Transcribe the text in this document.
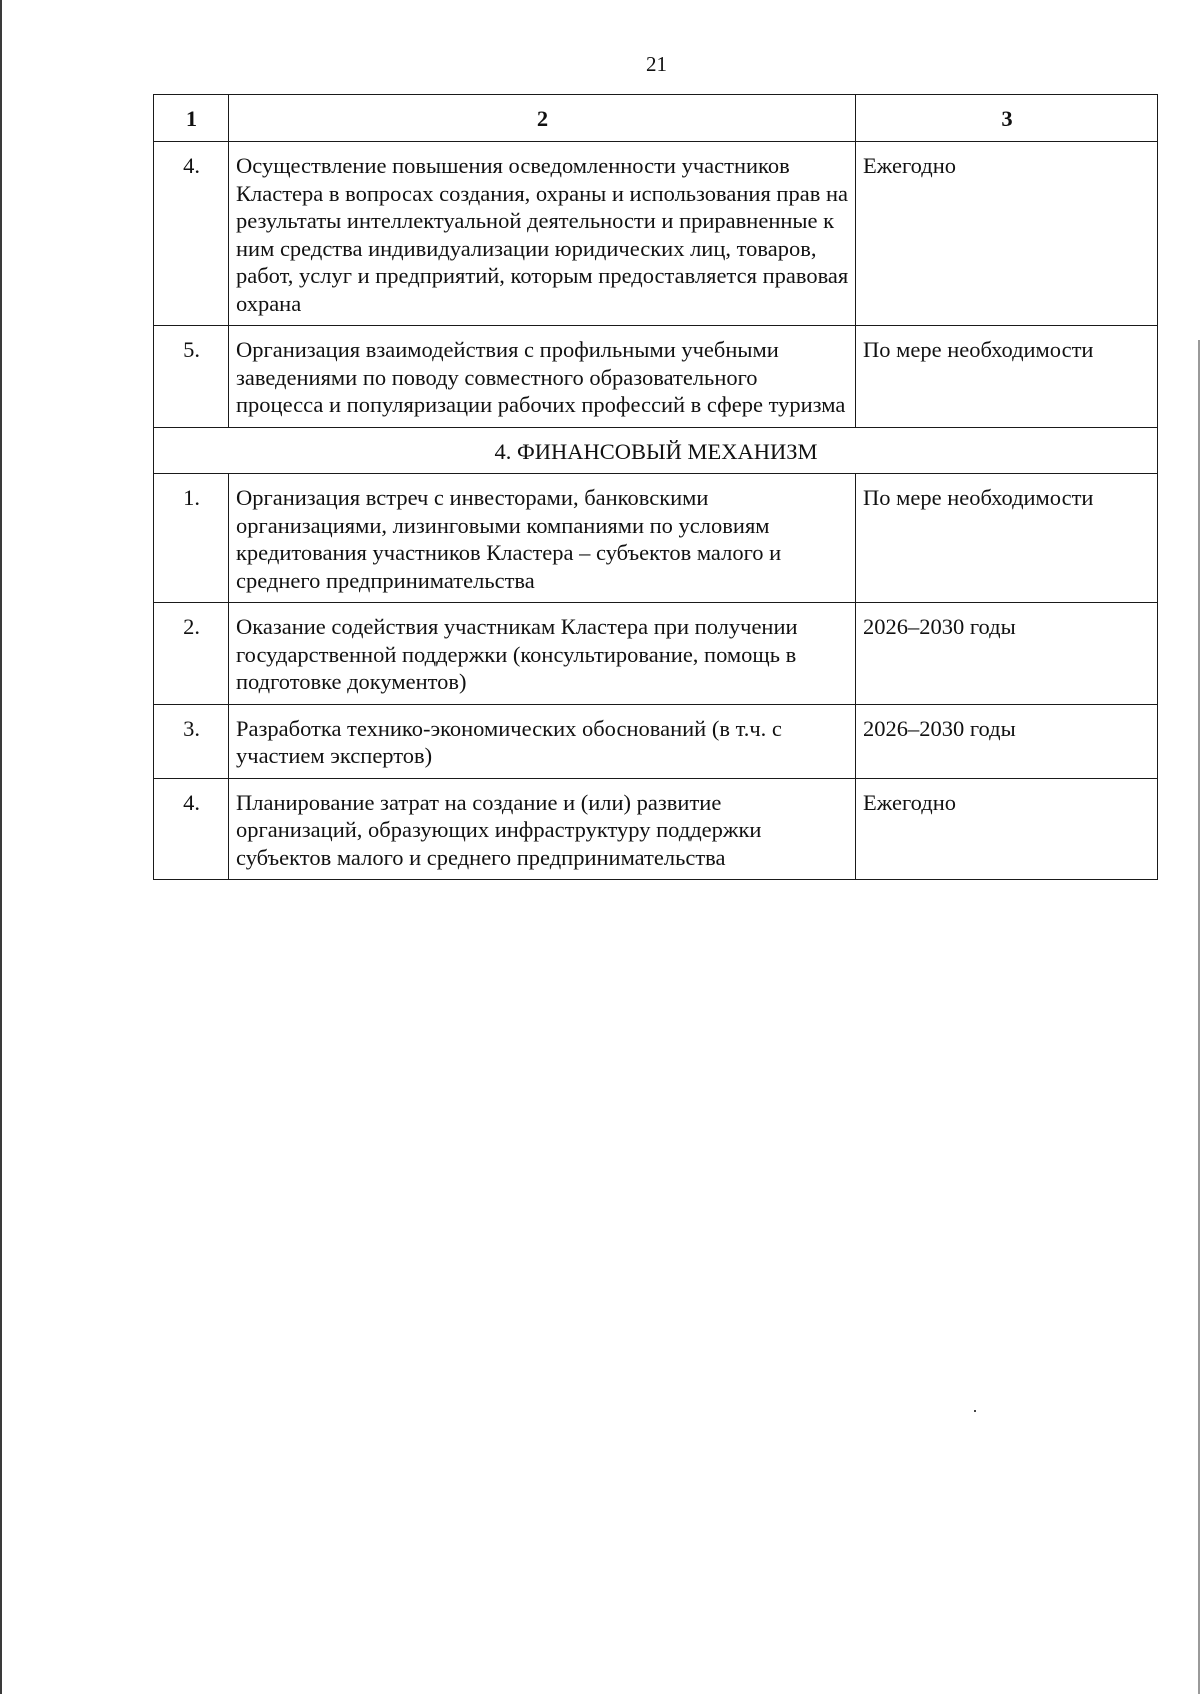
21
1	2	3
4.	Осуществление повышения осведомленности участников Кластера в вопросах создания, охраны и использования прав на результаты интеллектуальной деятельности и приравненные к ним средства индивидуализации юридических лиц, товаров, работ, услуг и предприятий, которым предоставляется правовая охрана	Ежегодно
5.	Организация взаимодействия с профильными учебными заведениями по поводу совместного образовательного процесса и популяризации рабочих профессий в сфере туризма	По мере необходимости
4. ФИНАНСОВЫЙ МЕХАНИЗМ		
1.	Организация встреч с инвесторами, банковскими организациями, лизинговыми компаниями по условиям кредитования участников Кластера – субъектов малого и среднего предпринимательства	По мере необходимости
2.	Оказание содействия участникам Кластера при получении государственной поддержки (консультирование, помощь в подготовке документов)	2026–2030 годы
3.	Разработка технико-экономических обоснований (в т.ч. с участием экспертов)	2026–2030 годы
4.	Планирование затрат на создание и (или) развитие организаций, образующих инфраструктуру поддержки субъектов малого и среднего предпринимательства	Ежегодно
